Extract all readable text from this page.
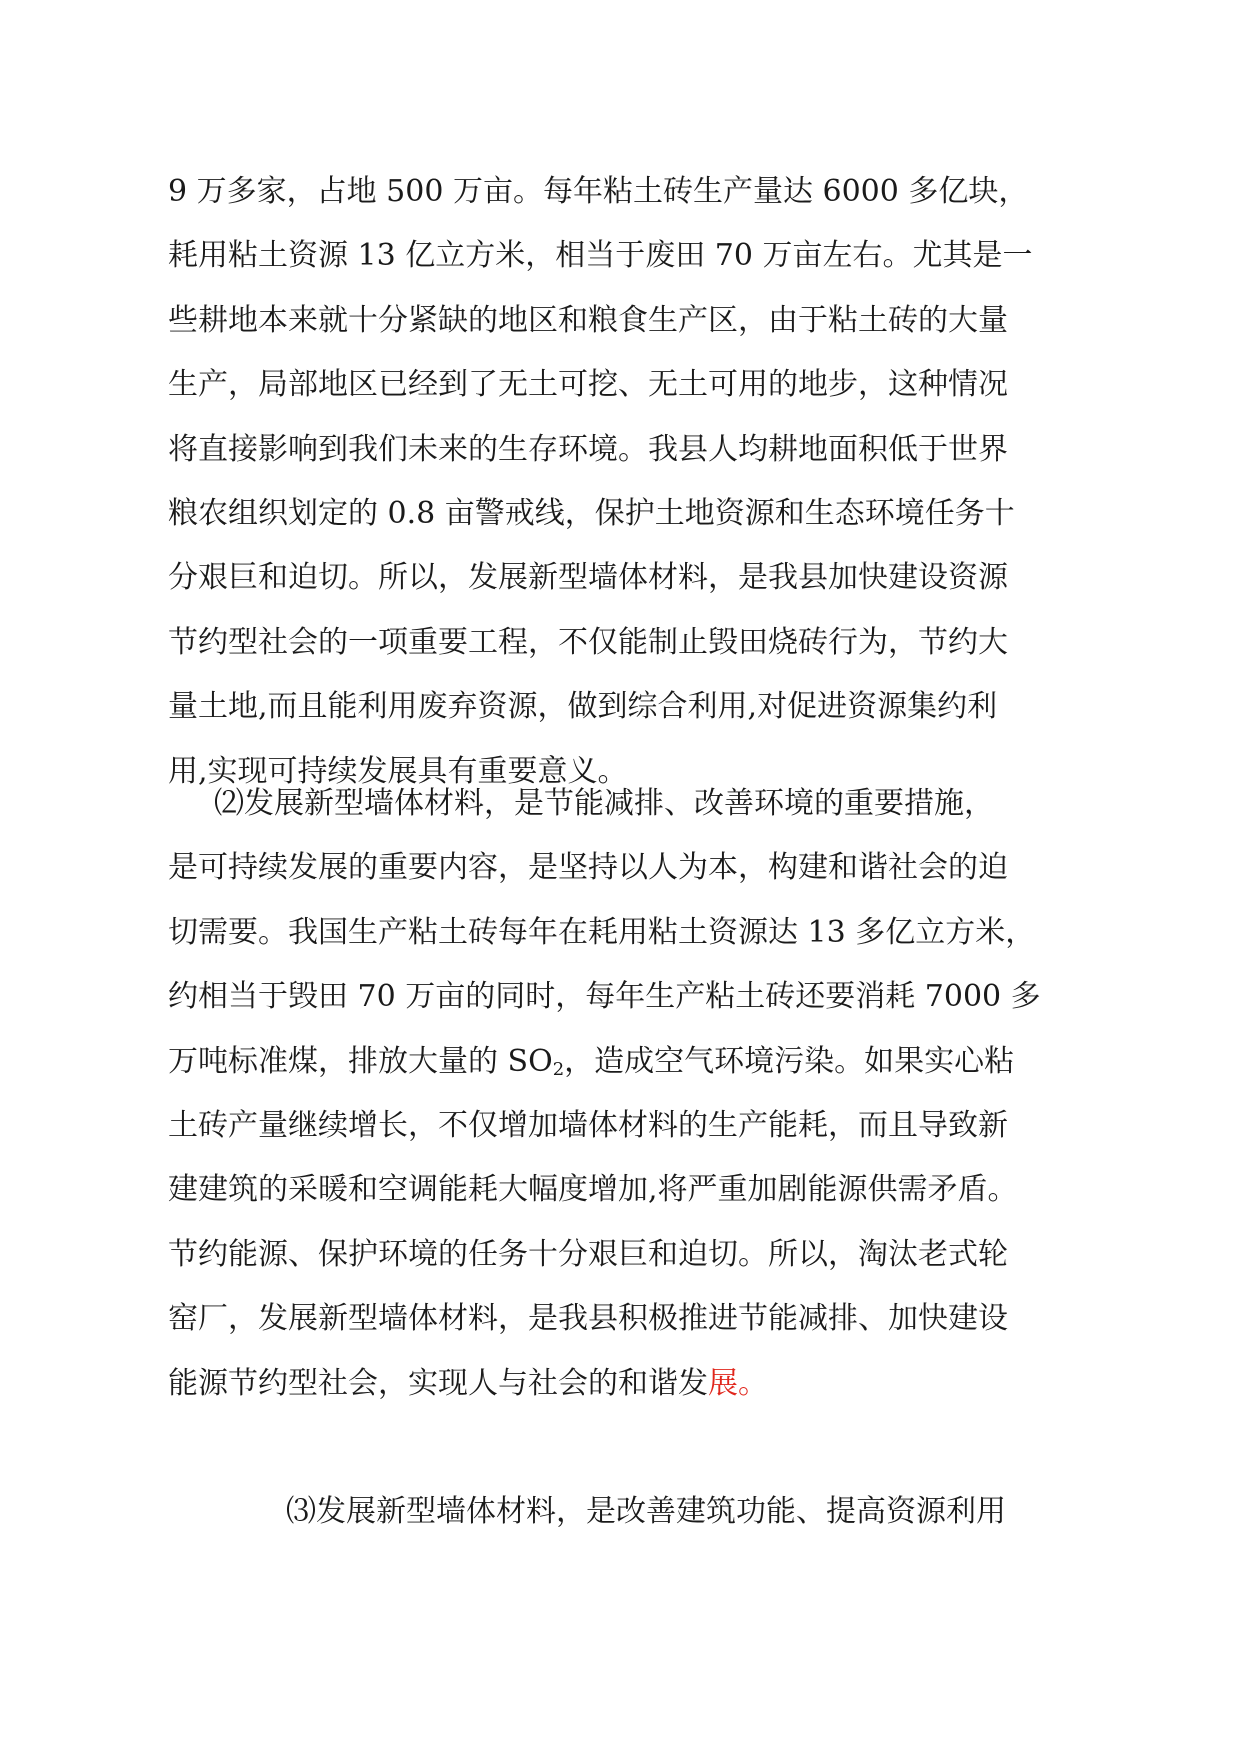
9 万多家，占地 500 万亩。每年粘土砖生产量达 6000 多亿块，
耗用粘土资源 13 亿立方米，相当于废田 70 万亩左右。尤其是一
些耕地本来就十分紧缺的地区和粮食生产区，由于粘土砖的大量
生产，局部地区已经到了无土可挖、无土可用的地步，这种情况
将直接影响到我们未来的生存环境。我县人均耕地面积低于世界
粮农组织划定的 0.8 亩警戒线，保护土地资源和生态环境任务十
分艰巨和迫切。所以，发展新型墙体材料，是我县加快建设资源
节约型社会的一项重要工程，不仅能制止毁田烧砖行为，节约大
量土地,而且能利用废弃资源，做到综合利用,对促进资源集约利
用,实现可持续发展具有重要意义。
⑵发展新型墙体材料，是节能减排、改善环境的重要措施，
是可持续发展的重要内容，是坚持以人为本，构建和谐社会的迫
切需要。我国生产粘土砖每年在耗用粘土资源达 13 多亿立方米，
约相当于毁田 70 万亩的同时，每年生产粘土砖还要消耗 7000 多
万吨标准煤，排放大量的 $SO_2$，造成空气环境污染。如果实心粘
土砖产量继续增长，不仅增加墙体材料的生产能耗，而且导致新
建建筑的采暖和空调能耗大幅度增加,将严重加剧能源供需矛盾。
节约能源、保护环境的任务十分艰巨和迫切。所以，淘汰老式轮
窑厂，发展新型墙体材料，是我县积极推进节能减排、加快建设
能源节约型社会，实现人与社会的和谐发展。
⑶发展新型墙体材料，是改善建筑功能、提高资源利用
